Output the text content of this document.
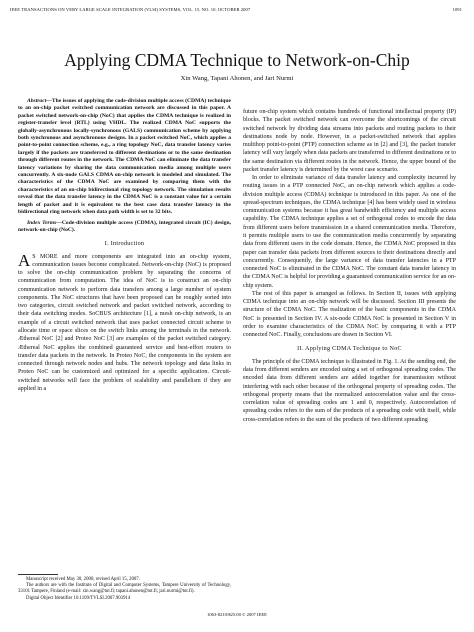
IEEE TRANSACTIONS ON VERY LARGE SCALE INTEGRATION (VLSI) SYSTEMS, VOL. 15, NO. 10, OCTOBER 2007	1091
Applying CDMA Technique to Network-on-Chip
Xin Wang, Tapani Ahonen, and Jari Nurmi

Abstract—The issues of applying the code-division multiple access (CDMA) technique to an on-chip packet switched communication network are discussed in this paper. A packet switched network-on-chip (NoC) that applies the CDMA technique is realized in register-transfer level (RTL) using VHDL. The realized CDMA NoC supports the globally-asynchronous locally-synchronous (GALS) communication scheme by applying both synchronous and asynchronous designs. In a packet switched NoC, which applies a point-to-point connection scheme, e.g., a ring topology NoC, data transfer latency varies largely if the packets are transferred to different destinations or to the same destination through different routes in the network. The CDMA NoC can eliminate the data transfer latency variations by sharing the data communication media among multiple users concurrently. A six-node GALS CDMA on-chip network is modeled and simulated. The characteristics of the CDMA NoC are examined by comparing them with the characteristics of an on-chip bidirectional ring topology network. The simulation results reveal that the data transfer latency in the CDMA NoC is a constant value for a certain length of packet and it is equivalent to the best case data transfer latency in the bidirectional ring network when data path width is set to 32 bits.

Index Terms—Code-division multiple access (CDMA), integrated circuit (IC) design, network-on-chip (NoC).

I. Introduction

A S MORE and more components are integrated into an on-chip system, communication issues become complicated. Network-on-chip (NoC) is proposed to solve the on-chip communication problem by separating the concerns of communication from computation. The idea of NoC is to construct an on-chip communication network to perform data transfers among a large number of system components. The NoC structures that have been proposed can be roughly sorted into two categories, circuit switched network and packet switched network, according to their data switching modes. SoCBUS architecture [1], a mesh on-chip network, is an example of a circuit switched network that uses packet connected circuit scheme to allocate time or space slices on the switch links among the terminals in the network. Æthereal NoC [2] and Proteo NoC [3] are examples of the packet switched category. Æthereal NoC applies the combined guaranteed service and best-effort routers to transfer data packets in the network. In Proteo NoC, the components in the system are connected through network nodes and hubs. The network topology and data links in Proteo NoC can be customized and optimized for a specific application. Circuit-switched networks will face the problem of scalability and parallelism if they are applied in a

Manuscript received May 30, 2006; revised April 15, 2007.

The authors are with the Institute of Digital and Computer Systems, Tampere University of Technology, 33101 Tampere, Finland (e-mail: xin.wang@tut.fi; tapani.ahonen@tut.fi; jari.nurmi@tut.fi).

Digital Object Identifier 10.1109/TVLSI.2007.903914

future on-chip system which contains hundreds of functional intellectual property (IP) blocks. The packet switched network can overcome the shortcomings of the circuit switched network by dividing data streams into packets and routing packets to their destinations node by node. However, in a packet-switched network that applies multihop point-to-point (PTP) connection scheme as in [2] and [3], the packet transfer latency will vary largely when data packets are transferred to different destinations or to the same destination via different routes in the network. Hence, the upper bound of the packet transfer latency is determined by the worst case scenario.

In order to eliminate variance of data transfer latency and complexity incurred by routing issues in a PTP connected NoC, an on-chip network which applies a code-division multiple access (CDMA) technique is introduced in this paper. As one of the spread-spectrum techniques, the CDMA technique [4] has been widely used in wireless communication systems because it has great bandwidth efficiency and multiple access capability. The CDMA technique applies a set of orthogonal codes to encode the data from different users before transmission in a shared communication media. Therefore, it permits multiple users to use the communication media concurrently by separating data from different users in the code domain. Hence, the CDMA NoC proposed in this paper can transfer data packets from different sources to their destinations directly and concurrently. Consequently, the large variance of data transfer latencies in a PTP connected NoC is eliminated in the CDMA NoC. The constant data transfer latency in the CDMA NoC is helpful for providing a guaranteed communication service for an on-chip system.

The rest of this paper is arranged as follows. In Section II, issues with applying CDMA technique into an on-chip network will be discussed. Section III presents the structure of the CDMA NoC. The realization of the basic components in the CDMA NoC is presented in Section IV. A six-node CDMA NoC is presented in Section V in order to examine characteristics of the CDMA NoC by comparing it with a PTP connected NoC. Finally, conclusions are drawn in Section VI.

II. Applying CDMA Technique to NoC

The principle of the CDMA technique is illustrated in Fig. 1. At the sending end, the data from different senders are encoded using a set of orthogonal spreading codes. The encoded data from different senders are added together for transmission without interfering with each other because of the orthogonal property of spreading codes. The orthogonal property means that the normalized autocorrelation value and the cross-correlation value of spreading codes are 1 and 0, respectively. Autocorrelation of spreading codes refers to the sum of the products of a spreading code with itself, while cross-correlation refers to the sum of the products of two different spreading

1063-8210/$25.00 © 2007 IEEE
